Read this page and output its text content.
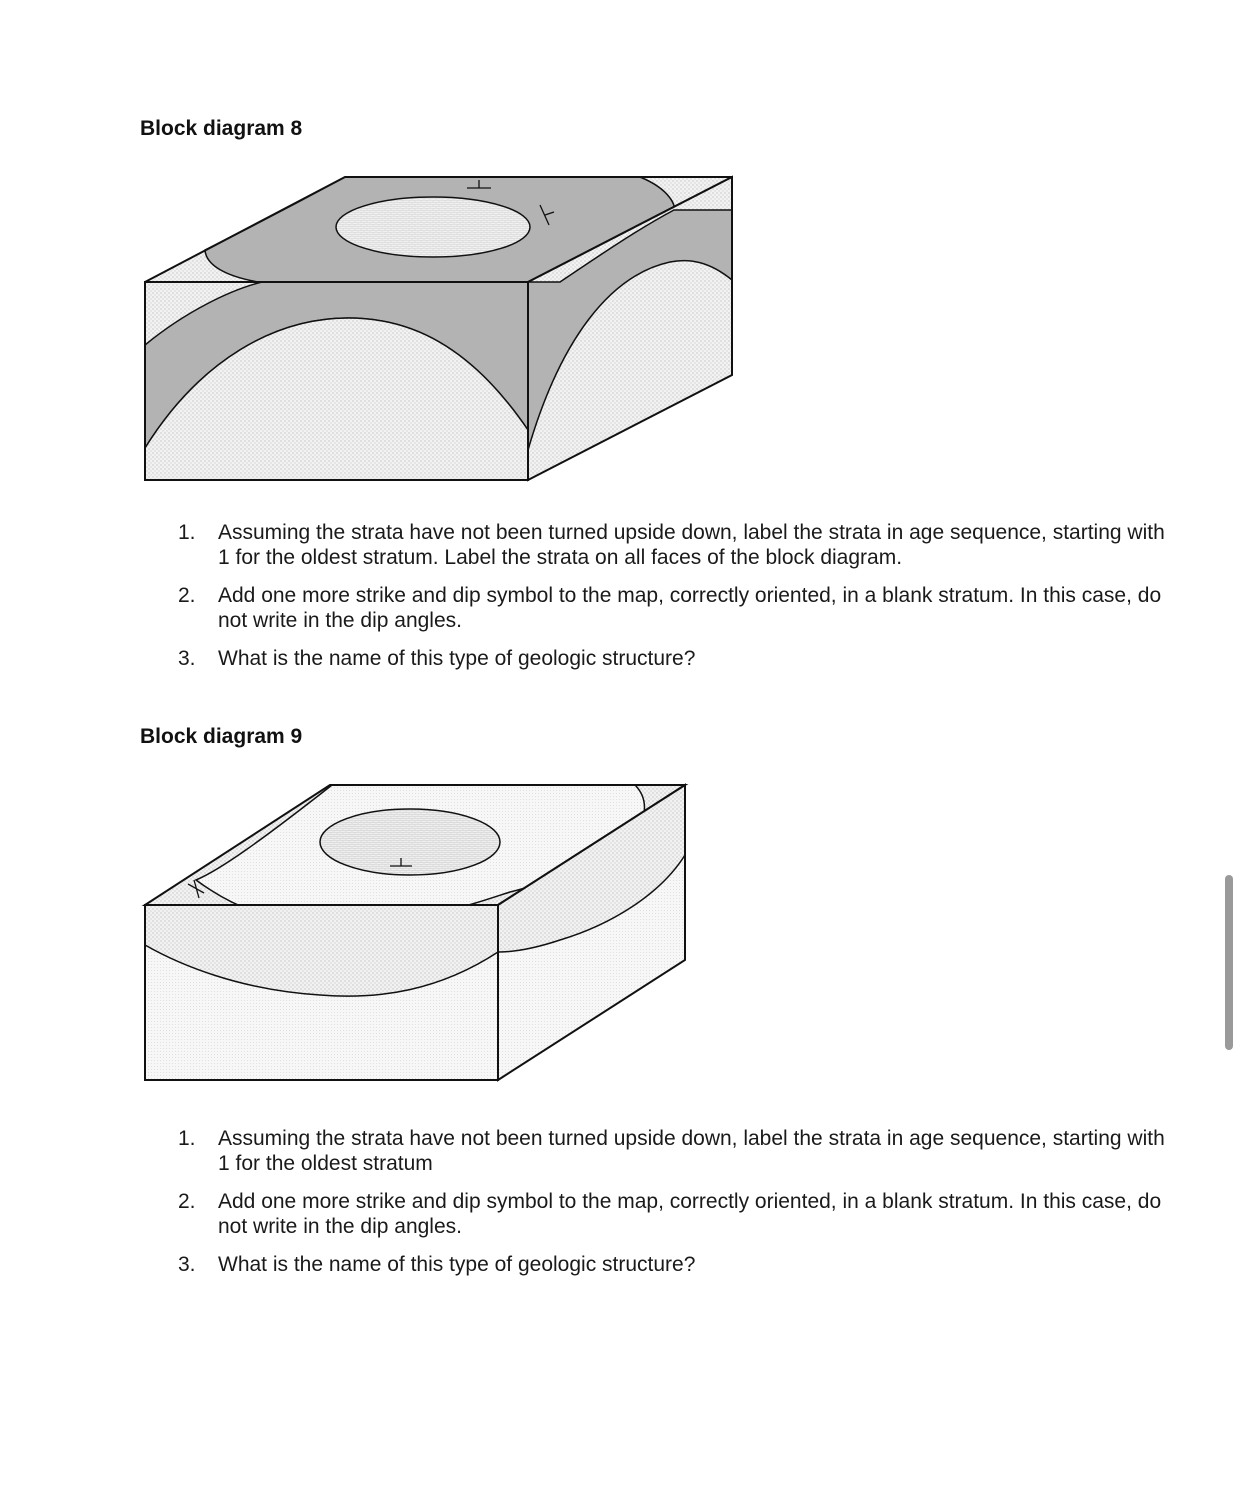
Block diagram 8
1.	Assuming the strata have not been turned upside down, label the strata in age sequence, starting with 1 for the oldest stratum. Label the strata on all faces of the block diagram.
2.	Add one more strike and dip symbol to the map, correctly oriented, in a blank stratum. In this case, do not write in the dip angles.
3.	What is the name of this type of geologic structure?
Block diagram 9
1.	Assuming the strata have not been turned upside down, label the strata in age sequence, starting with 1 for the oldest stratum
2.	Add one more strike and dip symbol to the map, correctly oriented, in a blank stratum. In this case, do not write in the dip angles.
3.	What is the name of this type of geologic structure?
